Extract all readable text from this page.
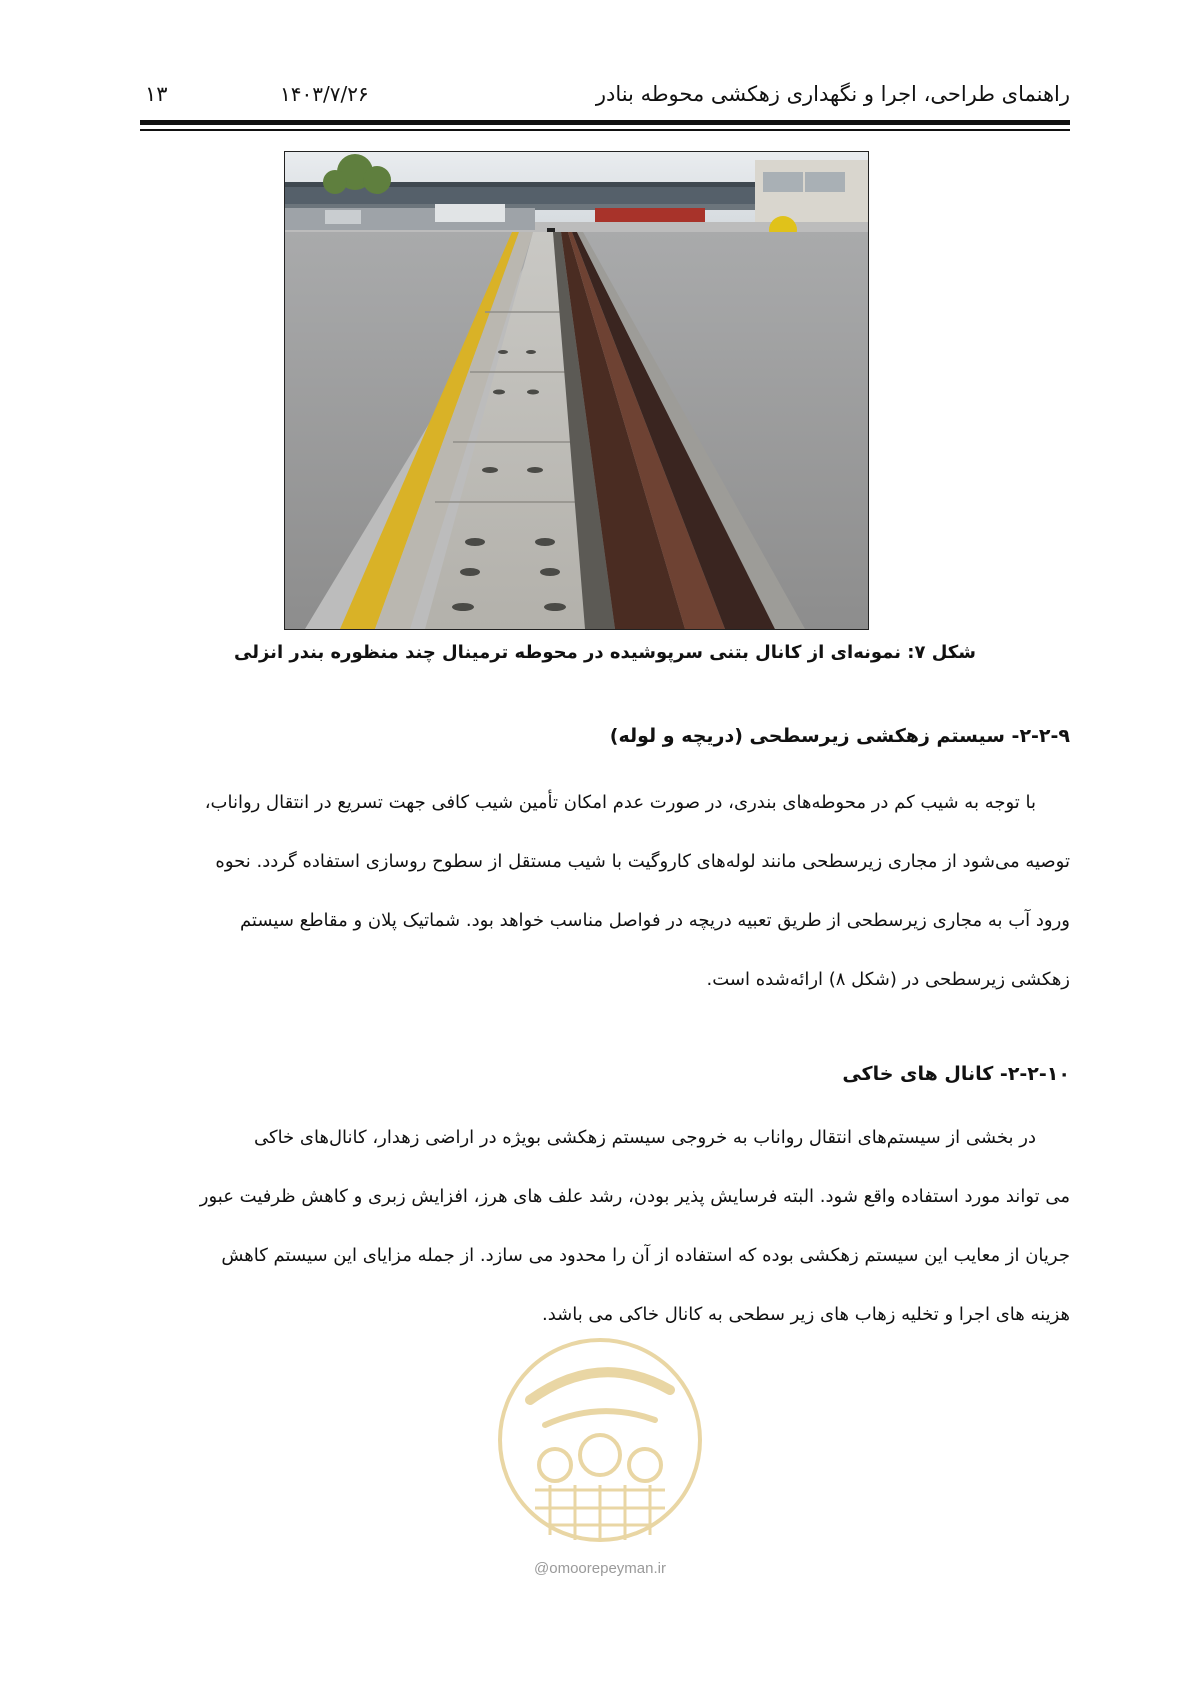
راهنمای طراحی، اجرا و نگهداری زهکشی محوطه بنادر
۱۴۰۳/۷/۲۶
۱۳
شکل ۷: نمونه‌ای از کانال بتنی سرپوشیده در محوطه ترمینال چند منظوره بندر انزلی
۲-۲-۹- سیستم زهکشی زیرسطحی (دریچه و لوله)
با توجه به شیب کم در محوطه‌های بندری، در صورت عدم امکان تأمین شیب کافی جهت تسریع در انتقال رواناب،
توصیه می‌شود از مجاری زیرسطحی مانند لوله‌های کاروگیت با شیب مستقل از سطوح روسازی استفاده گردد. نحوه
ورود آب به مجاری زیرسطحی از طریق تعبیه دریچه در فواصل مناسب خواهد بود. شماتیک پلان و مقاطع سیستم
زهکشی زیرسطحی در (شکل ۸) ارائه‌شده است.
۲-۲-۱۰- کانال های خاکی
در بخشی از سیستم‌های انتقال رواناب به خروجی سیستم زهکشی بویژه در اراضی زهدار، کانال‌های خاکی
می تواند مورد استفاده واقع شود. البته فرسایش پذیر بودن، رشد علف های هرز، افزایش زبری و کاهش ظرفیت عبور
جریان از معایب این سیستم زهکشی بوده که استفاده از آن را محدود می سازد. از جمله مزایای این سیستم کاهش
هزینه های اجرا و تخلیه زهاب های زیر سطحی به کانال خاکی می باشد.
@omoorepeyman.ir
